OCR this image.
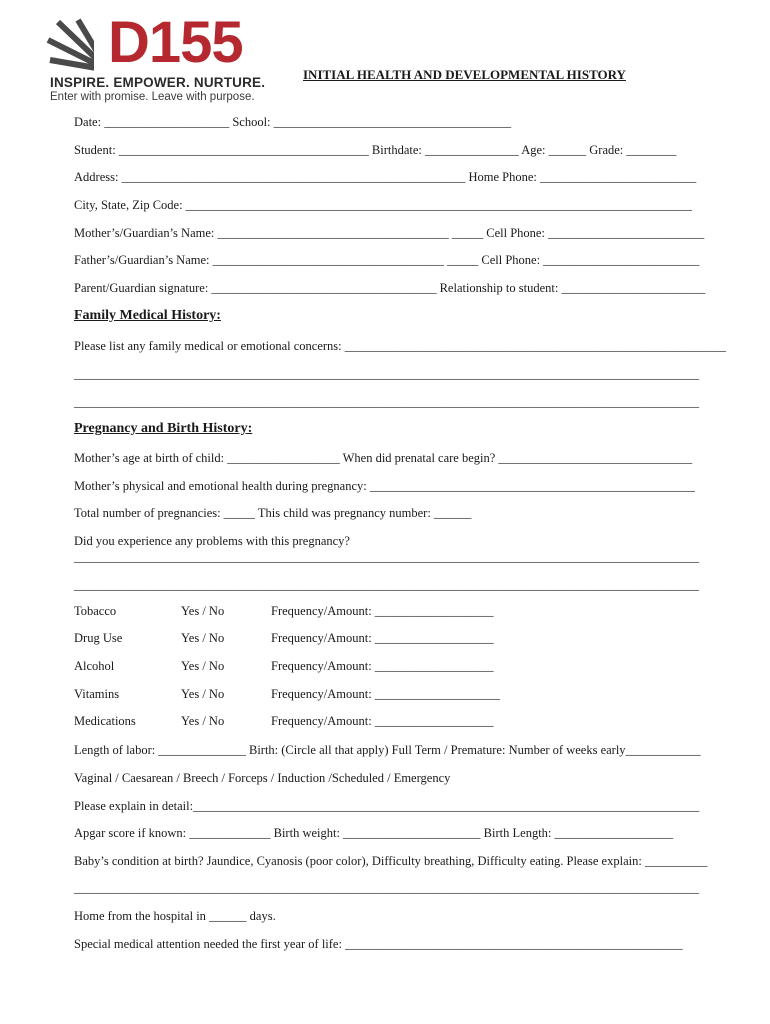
D155
INSPIRE. EMPOWER. NURTURE.
Enter with promise. Leave with purpose.
INITIAL HEALTH AND DEVELOPMENTAL HISTORY
Date: ____________________ School: ______________________________________
Student: ________________________________________ Birthdate: _______________ Age: ______ Grade: ________
Address: _______________________________________________________ Home Phone: _________________________
City, State, Zip Code: _________________________________________________________________________________
Mother’s/Guardian’s Name: _____________________________________ _____ Cell Phone: _________________________
Father’s/Guardian’s Name: _____________________________________ _____ Cell Phone: _________________________
Parent/Guardian signature: ____________________________________ Relationship to student: _______________________
Family Medical History:
Please list any family medical or emotional concerns: _____________________________________________________________
____________________________________________________________________________________________________
____________________________________________________________________________________________________
Pregnancy and Birth History:
Mother’s age at birth of child: __________________ When did prenatal care begin? _______________________________
Mother’s physical and emotional health during pregnancy: ____________________________________________________
Total number of pregnancies: _____ This child was pregnancy number: ______
Did you experience any problems with this pregnancy?
____________________________________________________________________________________________________
____________________________________________________________________________________________________
Tobacco	Yes / No	Frequency/Amount: ___________________
Drug Use	Yes / No	Frequency/Amount: ___________________
Alcohol	Yes / No	Frequency/Amount: ___________________
Vitamins	Yes / No	Frequency/Amount: ____________________
Medications	Yes / No	Frequency/Amount: ___________________
Length of labor: ______________ Birth: (Circle all that apply) Full Term / Premature: Number of weeks early____________
Vaginal / Caesarean / Breech / Forceps / Induction /Scheduled / Emergency
Please explain in detail:_________________________________________________________________________________
Apgar score if known: _____________ Birth weight: ______________________ Birth Length: ___________________
Baby’s condition at birth? Jaundice, Cyanosis (poor color), Difficulty breathing, Difficulty eating. Please explain: __________
____________________________________________________________________________________________________
Home from the hospital in ______ days.
Special medical attention needed the first year of life: ______________________________________________________
